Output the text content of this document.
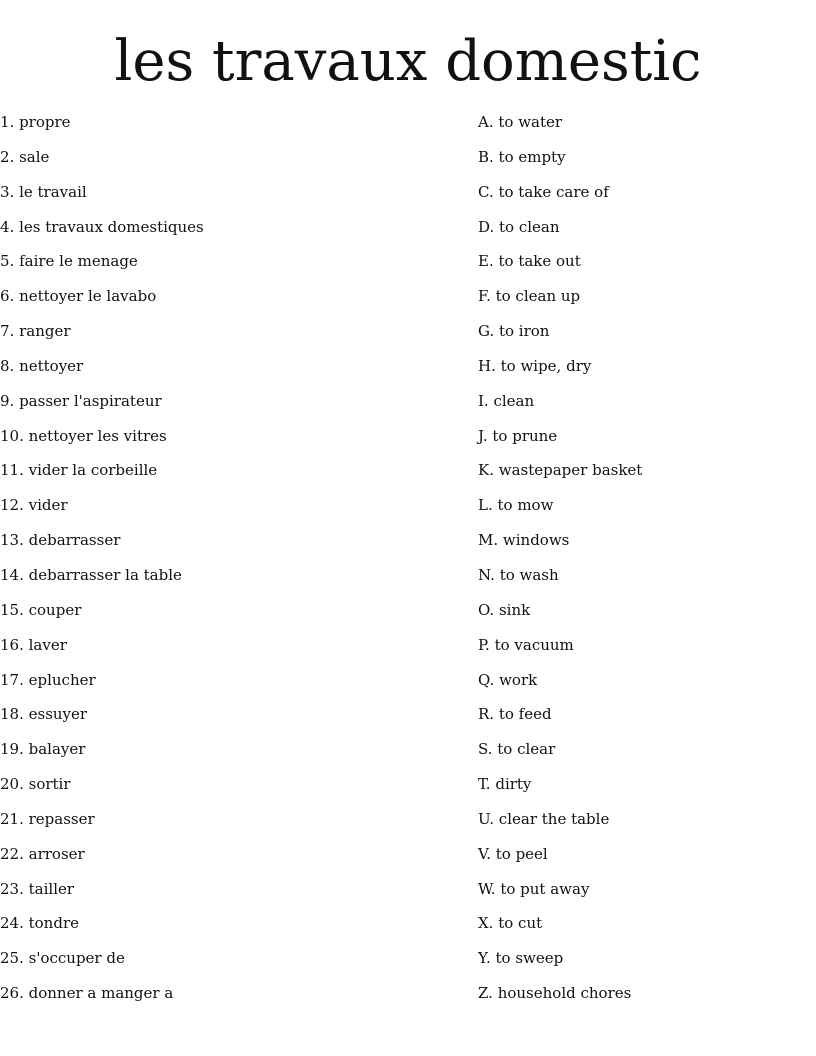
les travaux domestic
1. propre
2. sale
3. le travail
4. les travaux domestiques
5. faire le menage
6. nettoyer le lavabo
7. ranger
8. nettoyer
9. passer l'aspirateur
10. nettoyer les vitres
11. vider la corbeille
12. vider
13. debarrasser
14. debarrasser la table
15. couper
16. laver
17. eplucher
18. essuyer
19. balayer
20. sortir
21. repasser
22. arroser
23. tailler
24. tondre
25. s'occuper de
26. donner a manger a
A. to water
B. to empty
C. to take care of
D. to clean
E. to take out
F. to clean up
G. to iron
H. to wipe, dry
I. clean
J. to prune
K. wastepaper basket
L. to mow
M. windows
N. to wash
O. sink
P. to vacuum
Q. work
R. to feed
S. to clear
T. dirty
U. clear the table
V. to peel
W. to put away
X. to cut
Y. to sweep
Z. household chores
